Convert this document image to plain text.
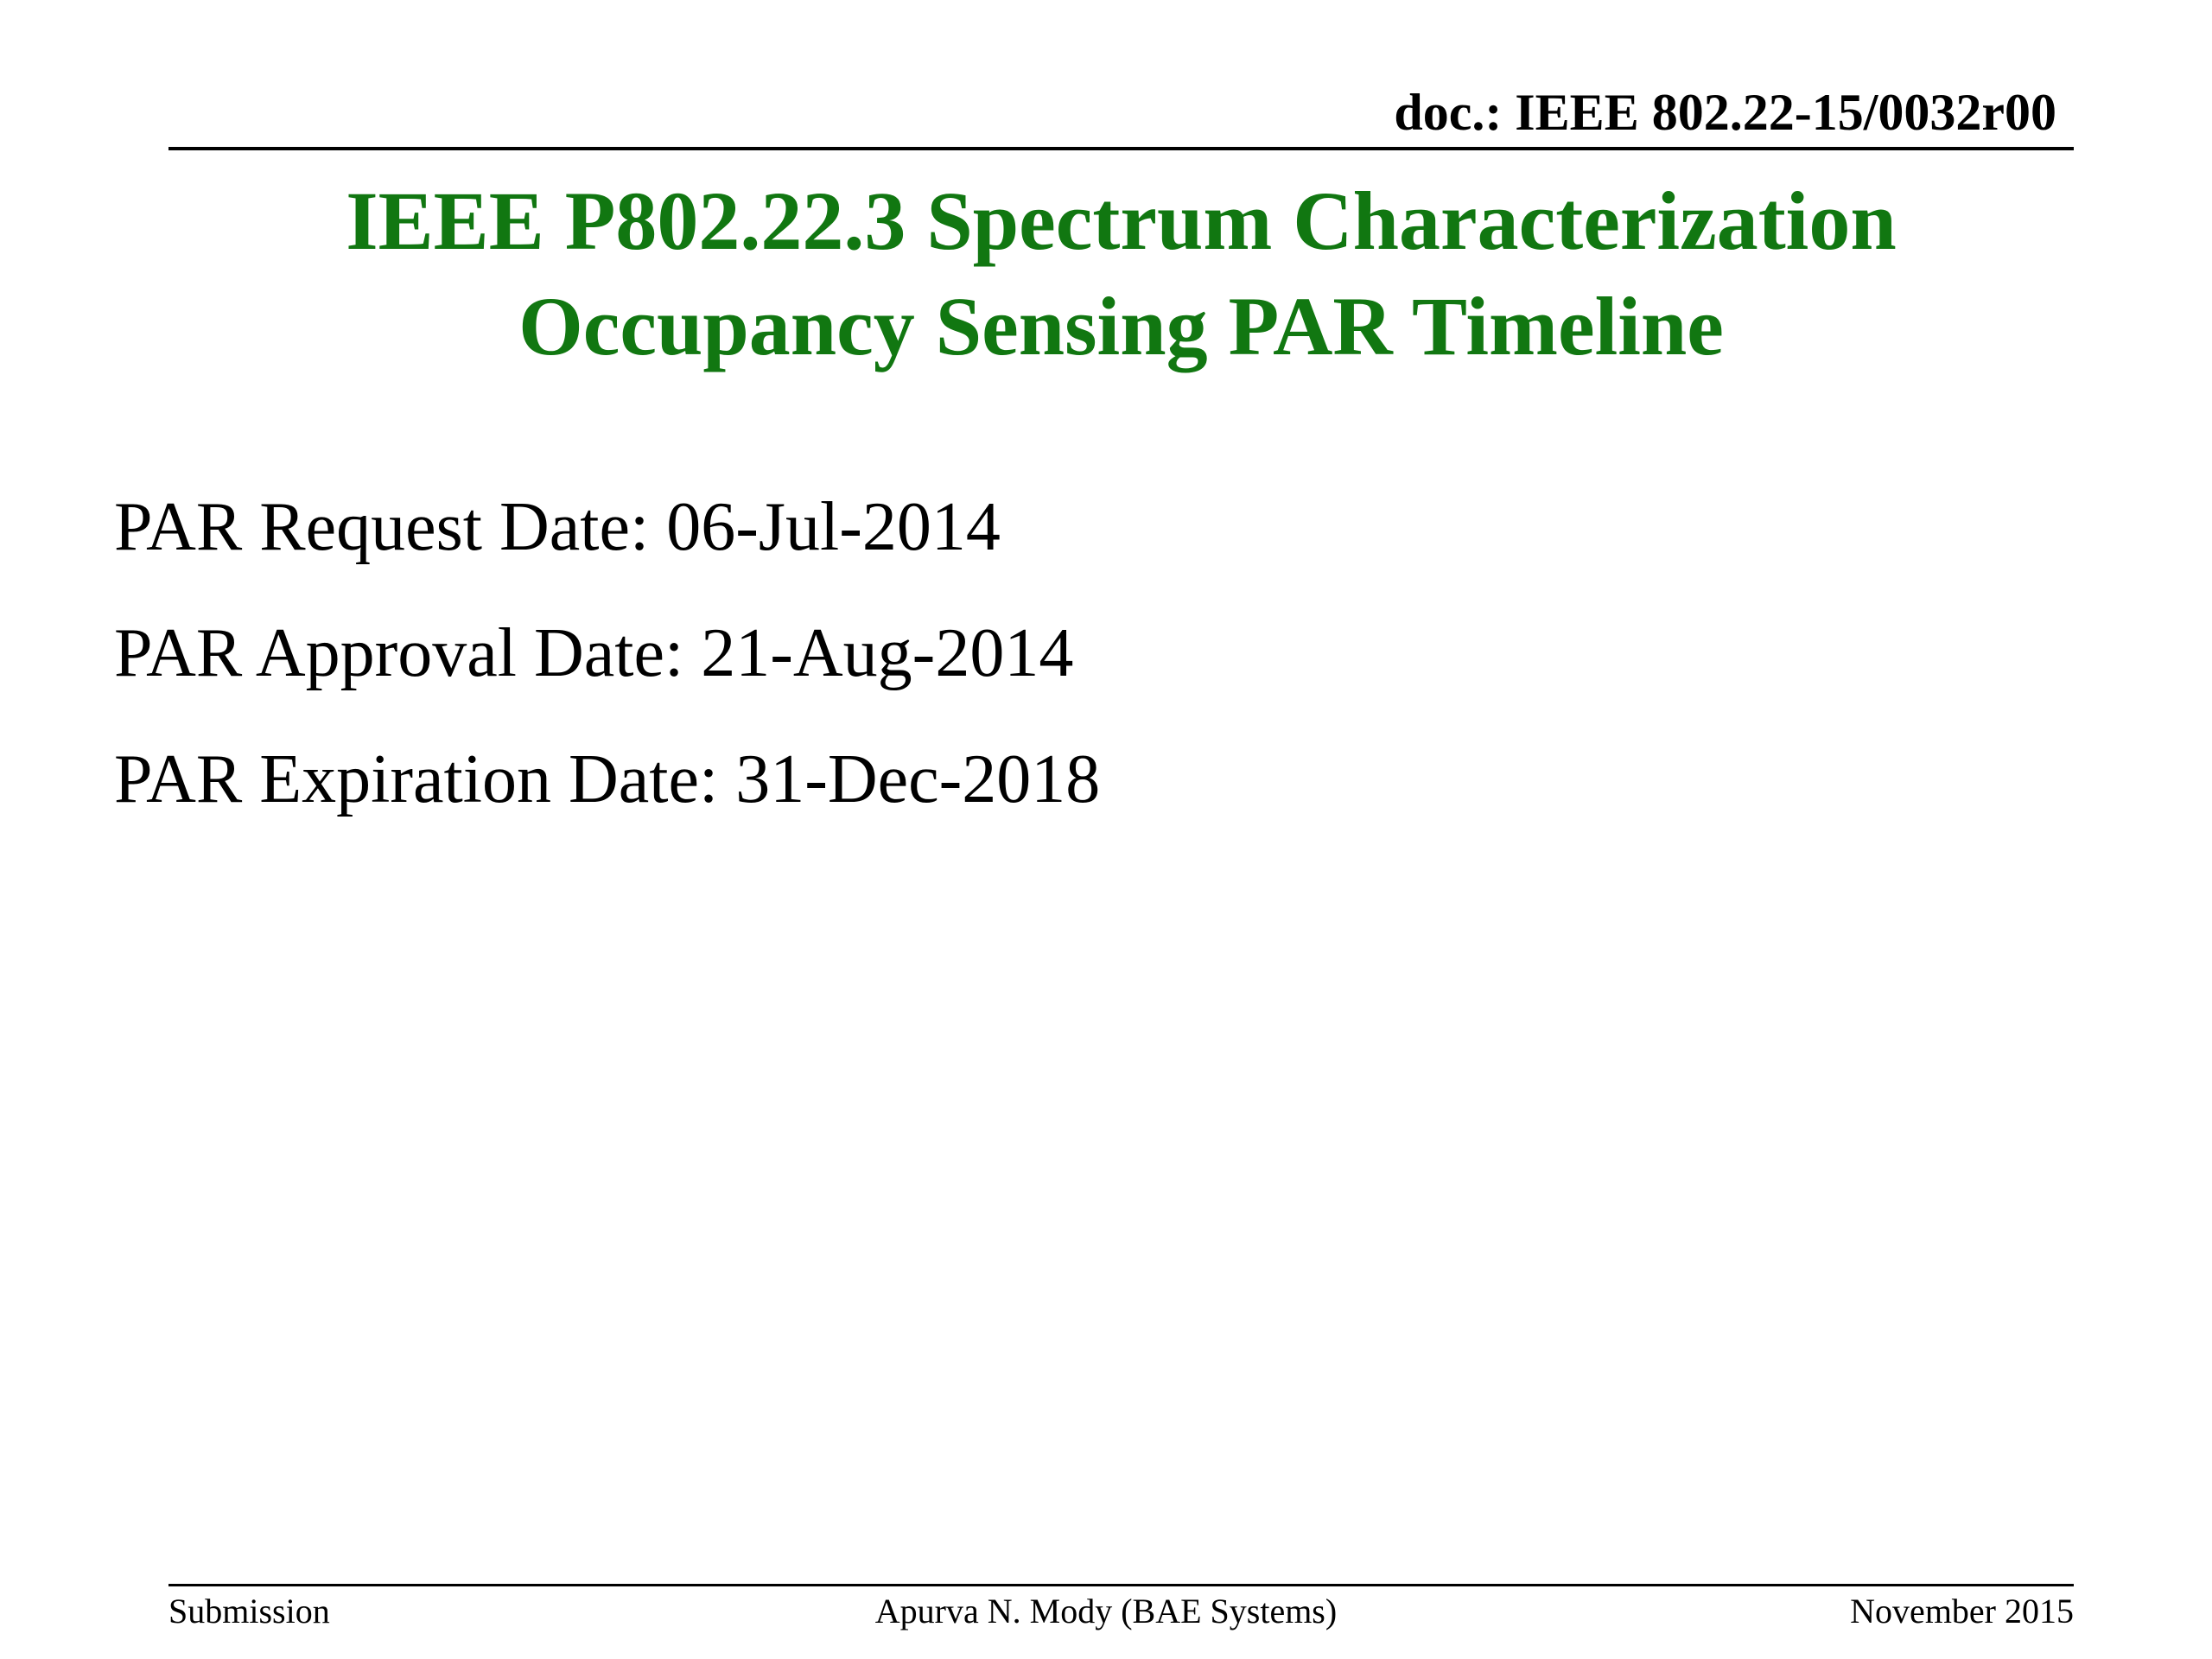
doc.: IEEE 802.22-15/0032r00
IEEE P802.22.3 Spectrum Characterization
Occupancy Sensing PAR Timeline
PAR Request Date: 06-Jul-2014
PAR Approval Date: 21-Aug-2014
PAR Expiration Date: 31-Dec-2018
Submission	Apurva N. Mody (BAE Systems)	November 2015
